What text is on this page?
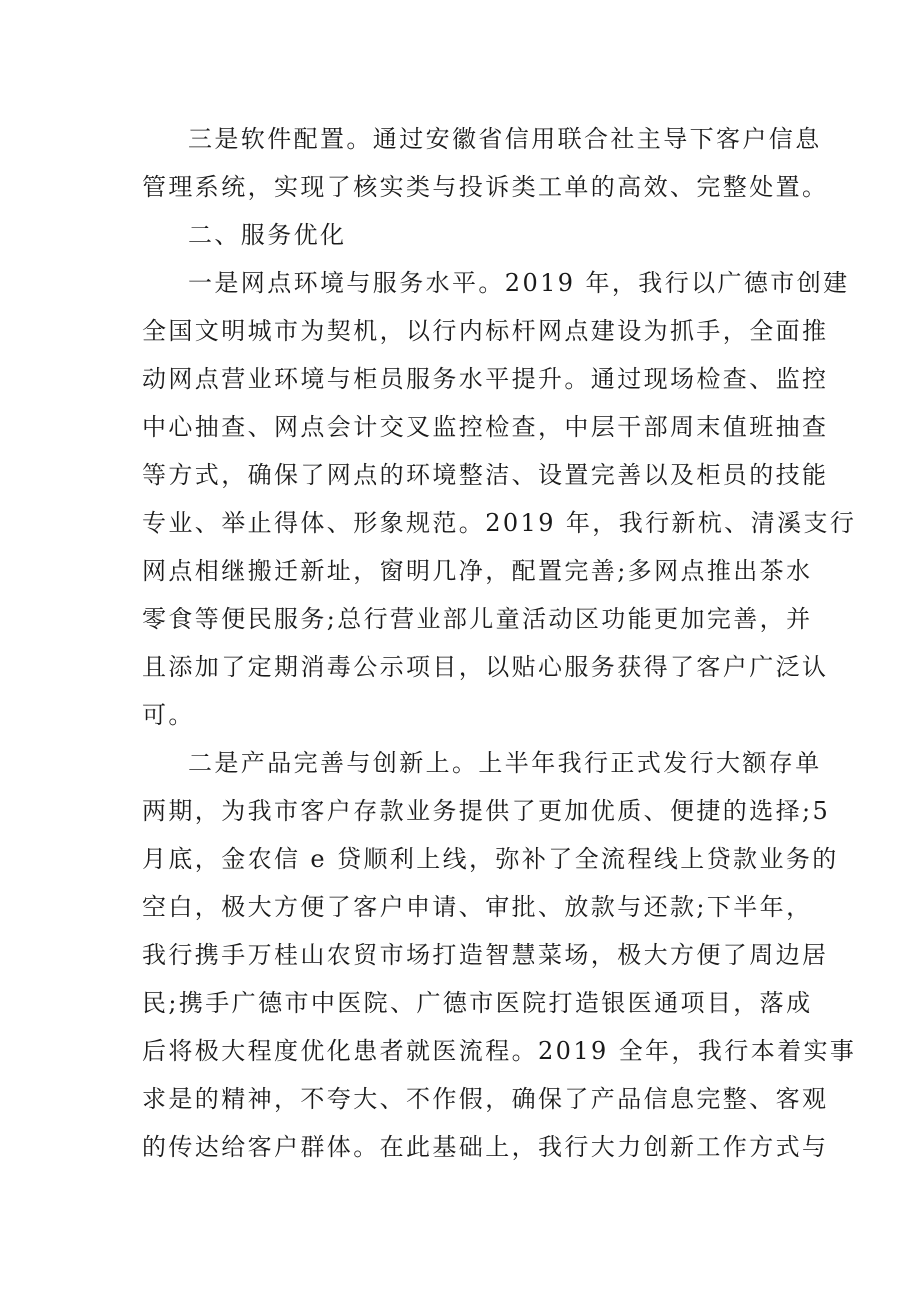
三是软件配置。通过安徽省信用联合社主导下客户信息
管理系统，实现了核实类与投诉类工单的高效、完整处置。
二、服务优化
一是网点环境与服务水平。2019 年，我行以广德市创建
全国文明城市为契机，以行内标杆网点建设为抓手，全面推
动网点营业环境与柜员服务水平提升。通过现场检查、监控
中心抽查、网点会计交叉监控检查，中层干部周末值班抽查
等方式，确保了网点的环境整洁、设置完善以及柜员的技能
专业、举止得体、形象规范。2019 年，我行新杭、清溪支行
网点相继搬迁新址，窗明几净，配置完善;多网点推出茶水
零食等便民服务;总行营业部儿童活动区功能更加完善，并
且添加了定期消毒公示项目，以贴心服务获得了客户广泛认
可。
二是产品完善与创新上。上半年我行正式发行大额存单
两期，为我市客户存款业务提供了更加优质、便捷的选择;5
月底，金农信 e 贷顺利上线，弥补了全流程线上贷款业务的
空白，极大方便了客户申请、审批、放款与还款;下半年，
我行携手万桂山农贸市场打造智慧菜场，极大方便了周边居
民;携手广德市中医院、广德市医院打造银医通项目，落成
后将极大程度优化患者就医流程。2019 全年，我行本着实事
求是的精神，不夸大、不作假，确保了产品信息完整、客观
的传达给客户群体。在此基础上，我行大力创新工作方式与
